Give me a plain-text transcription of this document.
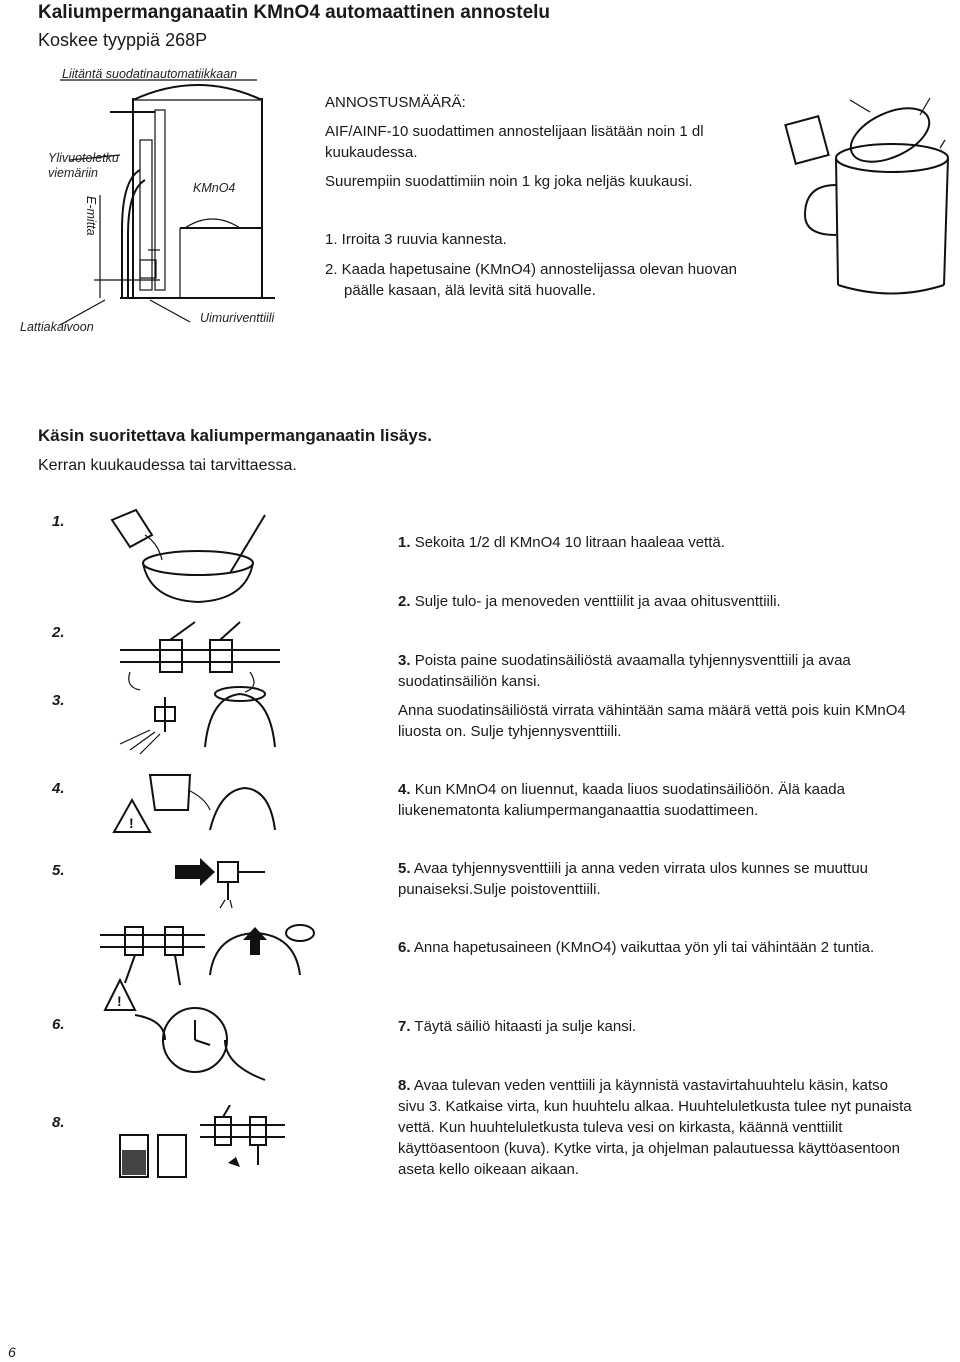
Kaliumpermanganaatin KMnO4 automaattinen annostelu
Koskee tyyppiä 268P
Liitäntä suodatinautomatiikkaan
Ylivuotoletku
viemäriin
KMnO4
E-mitta
Lattiakaivoon
Uimuriventtiili
ANNOSTUSMÄÄRÄ:
AIF/AINF-10 suodattimen annostelijaan lisätään noin 1 dl kuukaudessa.
Suurempiin suodattimiin noin 1 kg joka neljäs kuukausi.
1. Irroita 3 ruuvia kannesta.
2. Kaada hapetusaine (KMnO4) annostelijassa olevan huovan päälle kasaan, älä levitä sitä huovalle.
Käsin suoritettava kaliumpermanganaatin lisäys.
Kerran kuukaudessa tai tarvittaessa.
1.
2.
3.
4.
5.
6.
8.
!
!
1. Sekoita 1/2 dl KMnO4 10 litraan haaleaa vettä.
2. Sulje tulo- ja menoveden venttiilit ja avaa ohitusventtiili.
3. Poista paine suodatinsäiliöstä avaamalla tyhjennysventtiili ja avaa suodatinsäiliön kansi.
Anna suodatinsäiliöstä virrata vähintään sama määrä vettä pois kuin KMnO4 liuosta on. Sulje tyhjennysventtiili.
4. Kun KMnO4 on liuennut, kaada liuos suodatinsäiliöön. Älä kaada liukenematonta kaliumpermanganaattia suodattimeen.
5. Avaa tyhjennysventtiili ja anna veden virrata ulos kunnes se muuttuu punaiseksi.Sulje poistoventtiili.
6. Anna hapetusaineen (KMnO4) vaikuttaa yön yli tai vähintään 2 tuntia.
7. Täytä säiliö hitaasti ja sulje kansi.
8. Avaa tulevan veden venttiili ja käynnistä vastavirtahuuhtelu käsin, katso sivu 3. Katkaise virta, kun huuhtelu alkaa. Huuhteluletkusta tulee nyt punaista vettä. Kun huuhteluletkusta tuleva vesi on kirkasta, käännä venttiilit käyttöasentoon (kuva). Kytke virta, ja ohjelman palautuessa käyttöasentoon aseta kello oikeaan aikaan.
6
